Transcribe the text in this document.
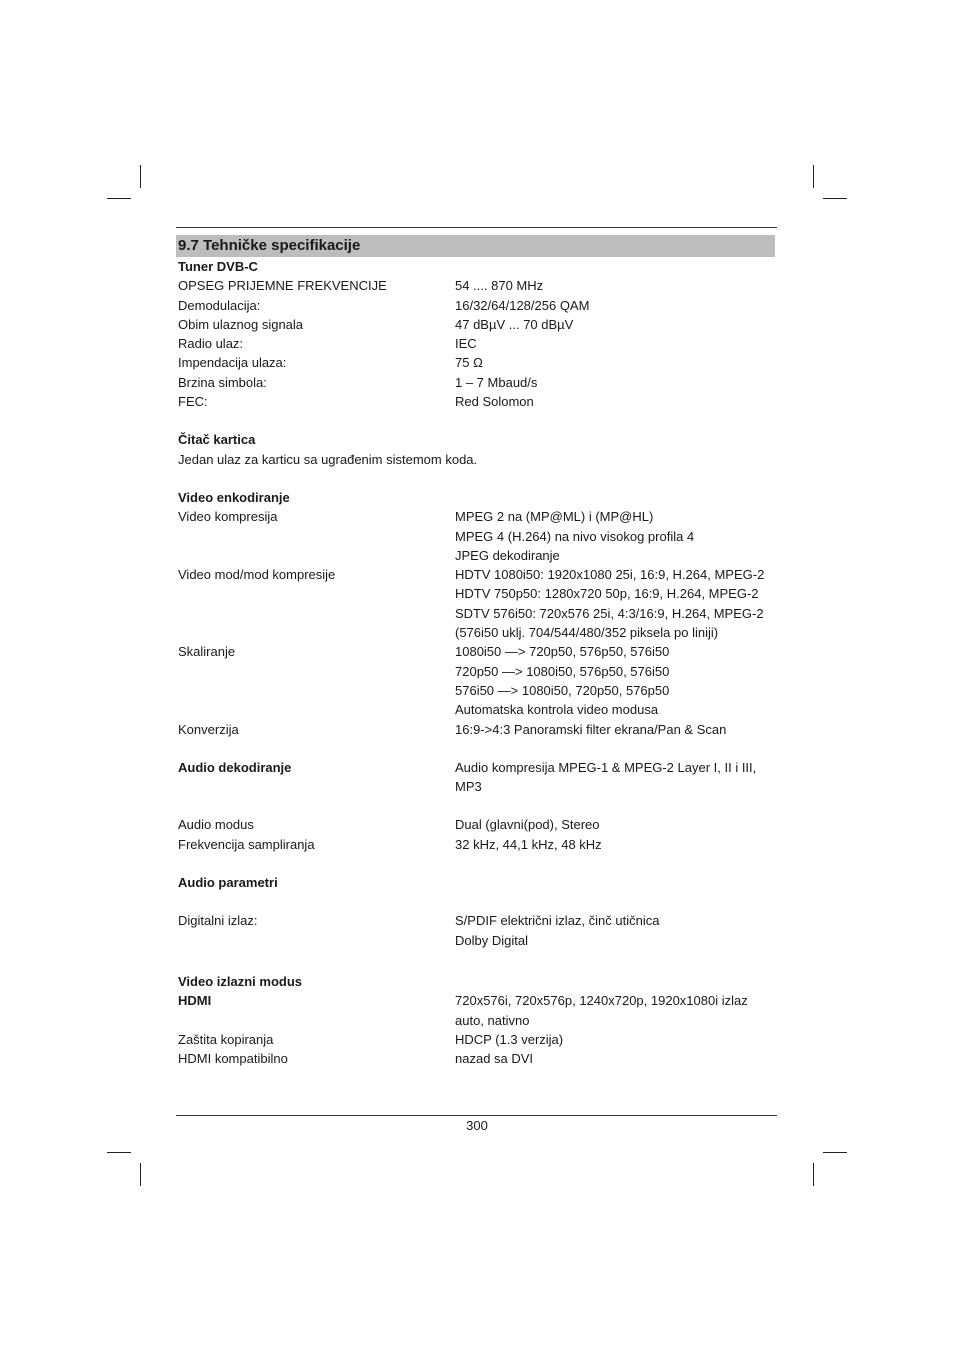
9.7 Tehničke specifikacije
Tuner DVB-C
OPSEG PRIJEMNE FREKVENCIJE	54 .... 870 MHz
Demodulacija:	16/32/64/128/256 QAM
Obim ulaznog signala	47 dBµV ... 70 dBµV
Radio ulaz:	IEC
Impendacija ulaza:	75 Ω
Brzina simbola:	1 – 7 Mbaud/s
FEC:	Red Solomon
Čitač kartica
Jedan ulaz za karticu sa ugrađenim sistemom koda.
Video enkodiranje
Video kompresija	MPEG 2 na (MP@ML) i (MP@HL)
MPEG 4 (H.264) na nivo visokog profila 4
JPEG dekodiranje
Video mod/mod kompresije	HDTV 1080i50: 1920x1080 25i, 16:9, H.264, MPEG-2
HDTV 750p50: 1280x720 50p, 16:9, H.264, MPEG-2
SDTV 576i50: 720x576 25i, 4:3/16:9, H.264, MPEG-2
(576i50 uklj. 704/544/480/352 piksela po liniji)
Skaliranje	1080i50 —> 720p50, 576p50, 576i50
720p50 —> 1080i50, 576p50, 576i50
576i50 —> 1080i50, 720p50, 576p50
Automatska kontrola video modusa
Konverzija	16:9->4:3 Panoramski filter ekrana/Pan & Scan
Audio dekodiranje	Audio kompresija MPEG-1 & MPEG-2 Layer I, II i III,
MP3
Audio modus	Dual (glavni(pod), Stereo
Frekvencija sampliranja	32 kHz, 44,1 kHz, 48 kHz
Audio parametri
Digitalni izlaz:	S/PDIF električni izlaz, činč utičnica
Dolby Digital
Video izlazni modus
HDMI	720x576i, 720x576p, 1240x720p, 1920x1080i izlaz
auto, nativno
Zaštita kopiranja	HDCP (1.3 verzija)
HDMI kompatibilno	nazad sa DVI
300
